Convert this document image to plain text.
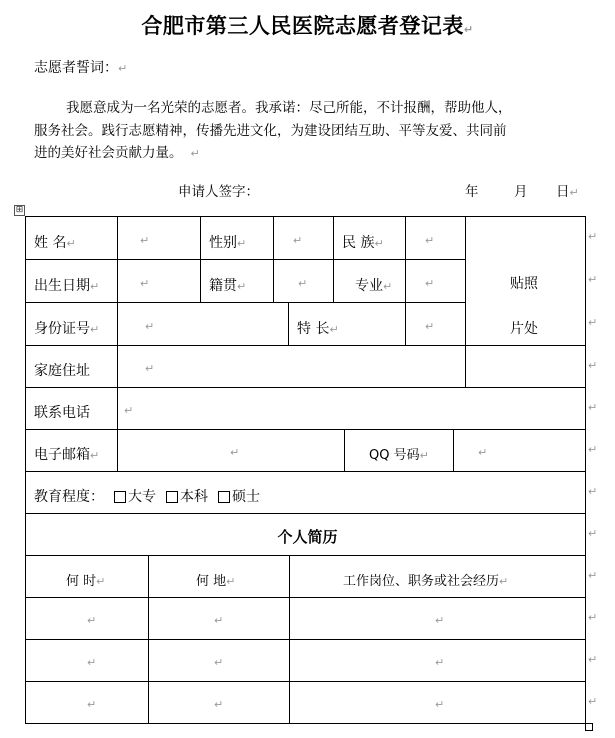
合肥市第三人民医院志愿者登记表↵
志愿者誓词：↵
我愿意成为一名光荣的志愿者。我承诺：尽己所能，不计报酬，帮助他人，
服务社会。践行志愿精神，传播先进文化，为建设团结互助、平等友爱、共同前
进的美好社会贡献力量。 ↵
申请人签字：	年	月 日↵
⊞
↵
↵
↵
↵
↵
↵
↵
↵
↵
↵
↵
↵
姓 名↵	↵	性别↵	↵	民 族↵	↵
贴照
片处
出生日期↵	↵	籍贯↵	↵	专业↵	↵
身份证号↵	↵	特 长↵	↵
家庭住址	↵
联系电话	↵
电子邮箱↵	↵	QQ 号码↵	↵
教育程度： 大专 本科 硕士
个人简历
何 时↵	何 地↵	工作岗位、职务或社会经历↵
↵	↵	↵
↵	↵	↵
↵	↵	↵
